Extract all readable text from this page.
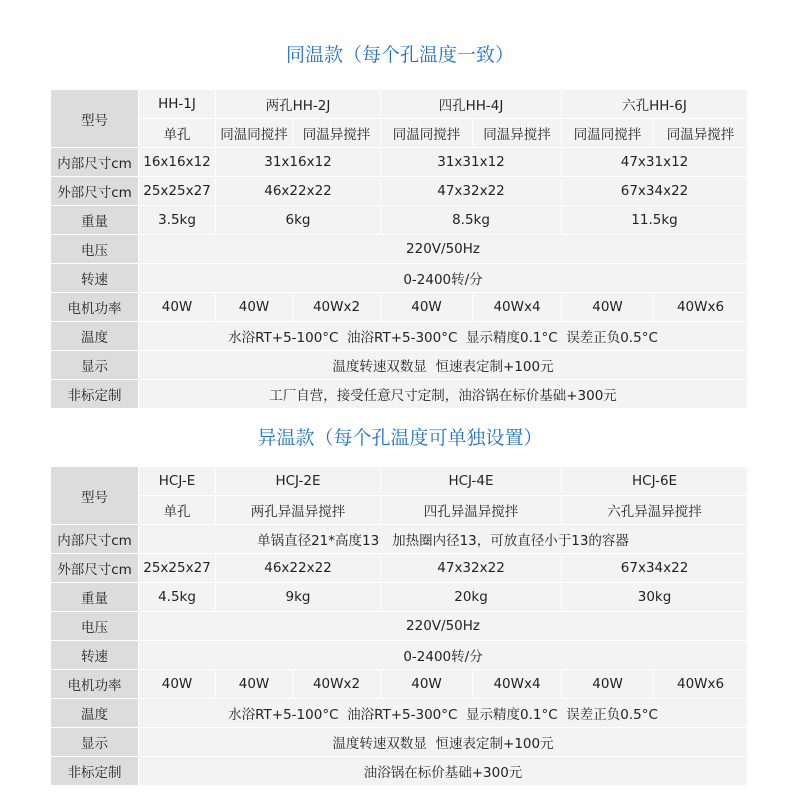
同温款（每个孔温度一致）
型号	HH-1J	两孔HH-2J		四孔HH-4J		六孔HH-6J	
	单孔	同温同搅拌	同温异搅拌	同温同搅拌	同温异搅拌	同温同搅拌	同温异搅拌
内部尺寸cm	16x16x12	31x16x12		31x31x12		47x31x12	
外部尺寸cm	25x25x27	46x22x22		47x32x22		67x34x22	
重量	3.5kg	6kg		8.5kg		11.5kg	
电压	220V/50Hz						
转速	0-2400转/分						
电机功率	40W	40W	40Wx2	40W	40Wx4	40W	40Wx6
温度	水浴RT+5-100°C  油浴RT+5-300°C  显示精度0.1°C  误差正负0.5°C						
显示	温度转速双数显  恒速表定制+100元						
非标定制	工厂自营，接受任意尺寸定制，油浴锅在标价基础+300元						
异温款（每个孔温度可单独设置）
型号	HCJ-E	HCJ-2E		HCJ-4E		HCJ-6E	
	单孔	两孔异温异搅拌		四孔异温异搅拌		六孔异温异搅拌	
内部尺寸cm	单锅直径21*高度13   加热圈内径13，可放直径小于13的容器						
外部尺寸cm	25x25x27	46x22x22		47x32x22		67x34x22	
重量	4.5kg	9kg		20kg		30kg	
电压	220V/50Hz						
转速	0-2400转/分						
电机功率	40W	40W	40Wx2	40W	40Wx4	40W	40Wx6
温度	水浴RT+5-100°C  油浴RT+5-300°C  显示精度0.1°C  误差正负0.5°C						
显示	温度转速双数显  恒速表定制+100元						
非标定制	油浴锅在标价基础+300元						
